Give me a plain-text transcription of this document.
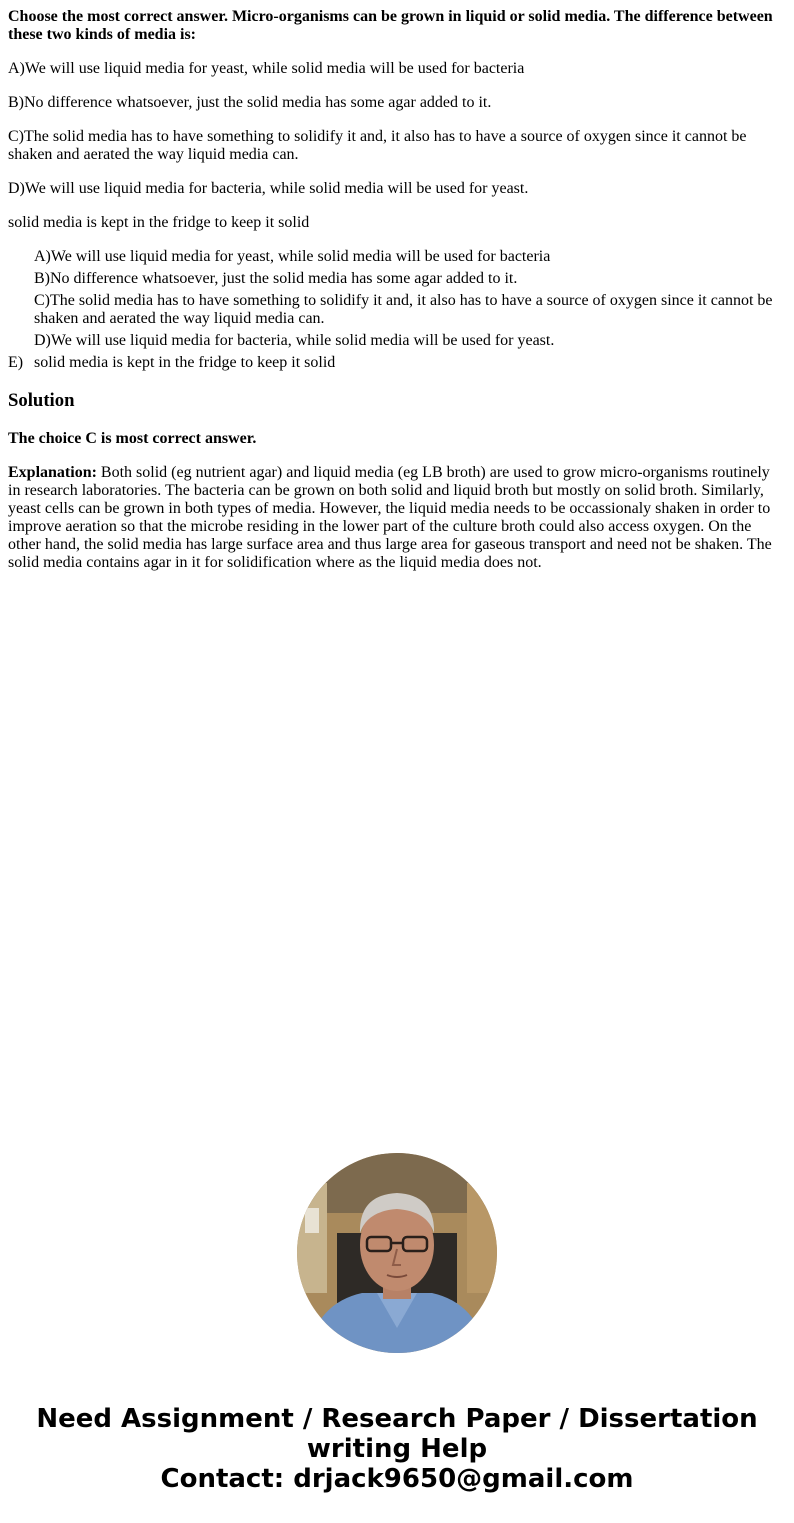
Choose the most correct answer. Micro-organisms can be grown in liquid or solid media. The difference between these two kinds of media is:

A)We will use liquid media for yeast, while solid media will be used for bacteria

B)No difference whatsoever, just the solid media has some agar added to it.

C)The solid media has to have something to solidify it and, it also has to have a source of oxygen since it cannot be shaken and aerated the way liquid media can.

D)We will use liquid media for bacteria, while solid media will be used for yeast.

solid media is kept in the fridge to keep it solid

A)We will use liquid media for yeast, while solid media will be used for bacteria
B)No difference whatsoever, just the solid media has some agar added to it.
C)The solid media has to have something to solidify it and, it also has to have a source of oxygen since it cannot be shaken and aerated the way liquid media can.
D)We will use liquid media for bacteria, while solid media will be used for yeast.
E) solid media is kept in the fridge to keep it solid
Solution

The choice C is most correct answer.

Explanation: Both solid (eg nutrient agar) and liquid media (eg LB broth) are used to grow micro-organisms routinely in research laboratories. The bacteria can be grown on both solid and liquid broth but mostly on solid broth. Similarly, yeast cells can be grown in both types of media. However, the liquid media needs to be occassionaly shaken in order to improve aeration so that the microbe residing in the lower part of the culture broth could also access oxygen. On the other hand, the solid media has large surface area and thus large area for gaseous transport and need not be shaken. The solid media contains agar in it for solidification where as the liquid media does not.

Need Assignment / Research Paper / Dissertation
writing Help
Contact: drjack9650@gmail.com
